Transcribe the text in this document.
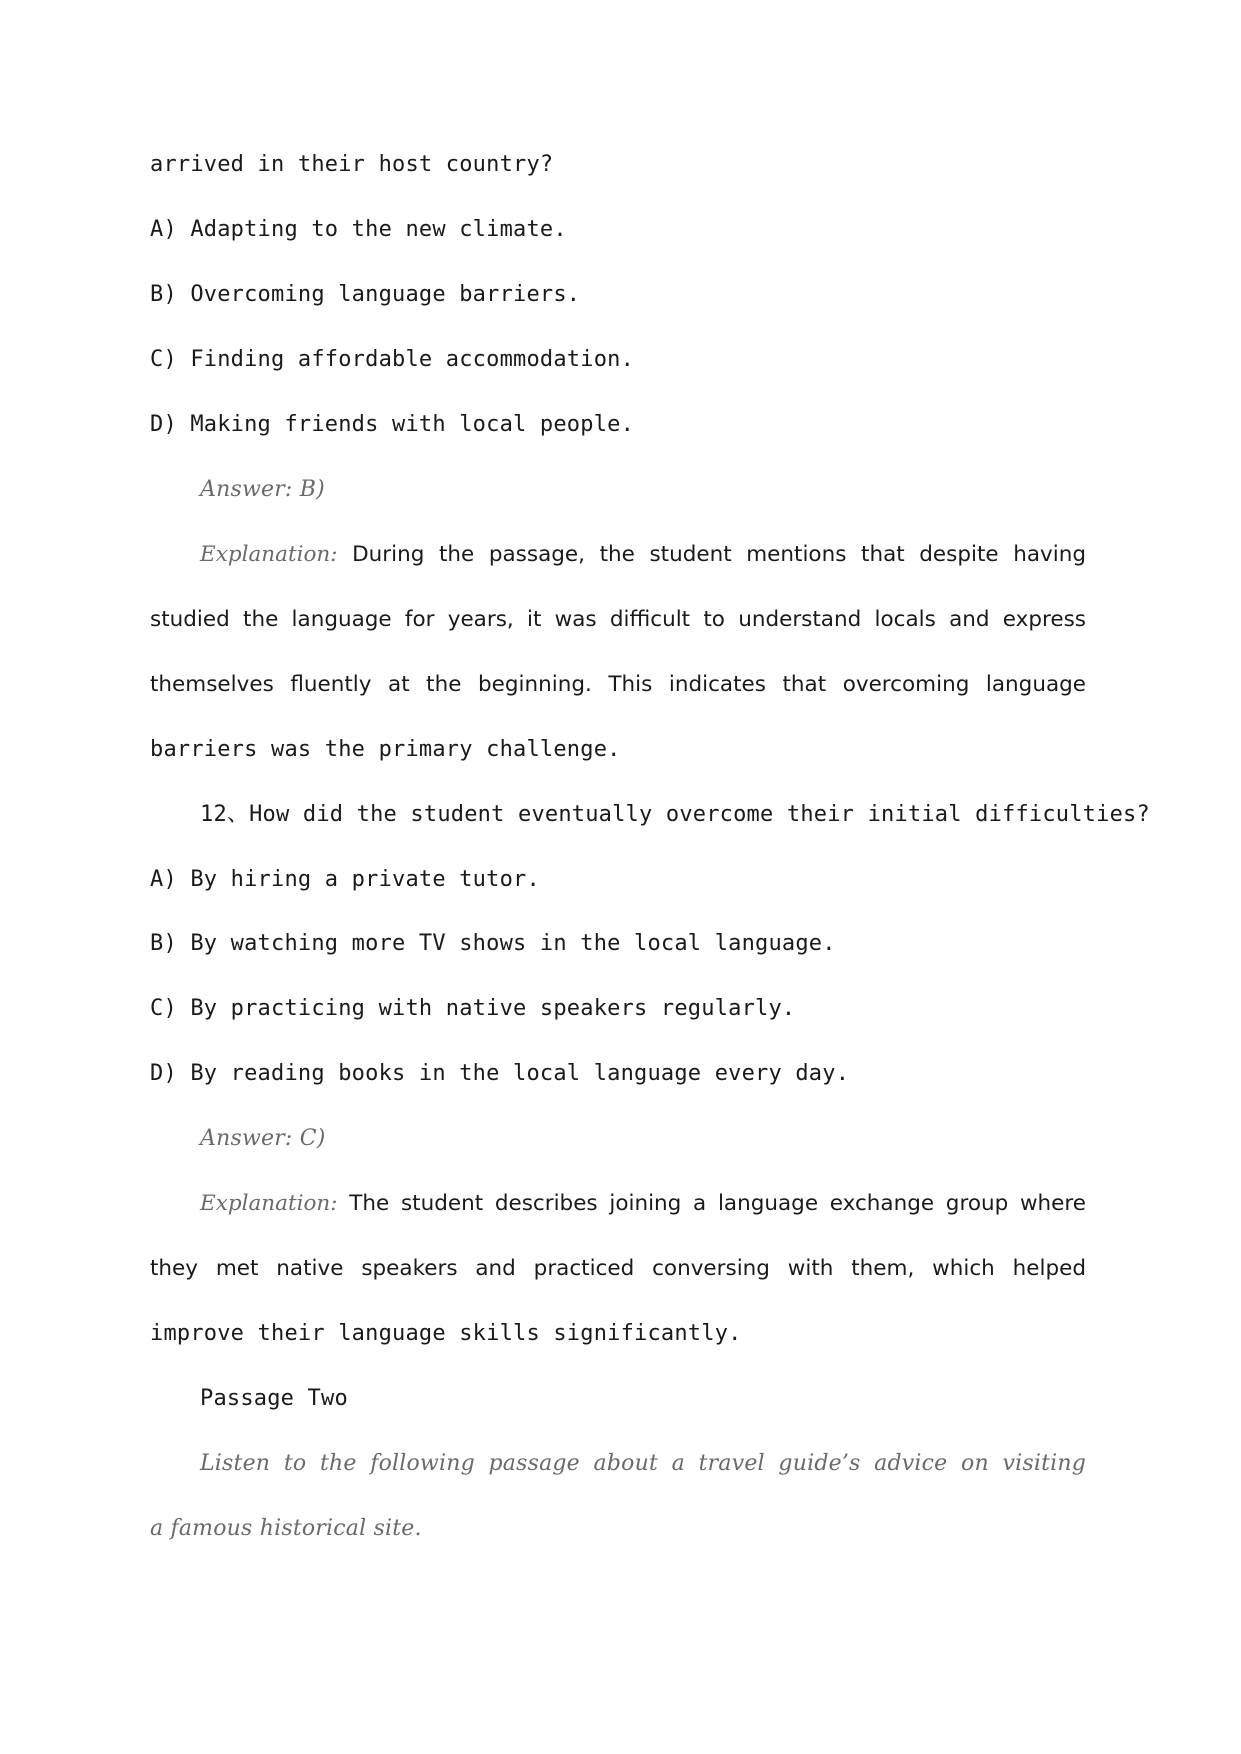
arrived in their host country?
A) Adapting to the new climate.
B) Overcoming language barriers.
C) Finding affordable accommodation.
D) Making friends with local people.
Answer: B)
Explanation: During the passage, the student mentions that despite having
studied the language for years, it was difficult to understand locals and express
themselves fluently at the beginning. This indicates that overcoming language
barriers was the primary challenge.
12、How did the student eventually overcome their initial difficulties?
A) By hiring a private tutor.
B) By watching more TV shows in the local language.
C) By practicing with native speakers regularly.
D) By reading books in the local language every day.
Answer: C)
Explanation: The student describes joining a language exchange group where
they met native speakers and practiced conversing with them, which helped
improve their language skills significantly.
Passage Two
Listen to the following passage about a travel guide’s advice on visiting
a famous historical site.
